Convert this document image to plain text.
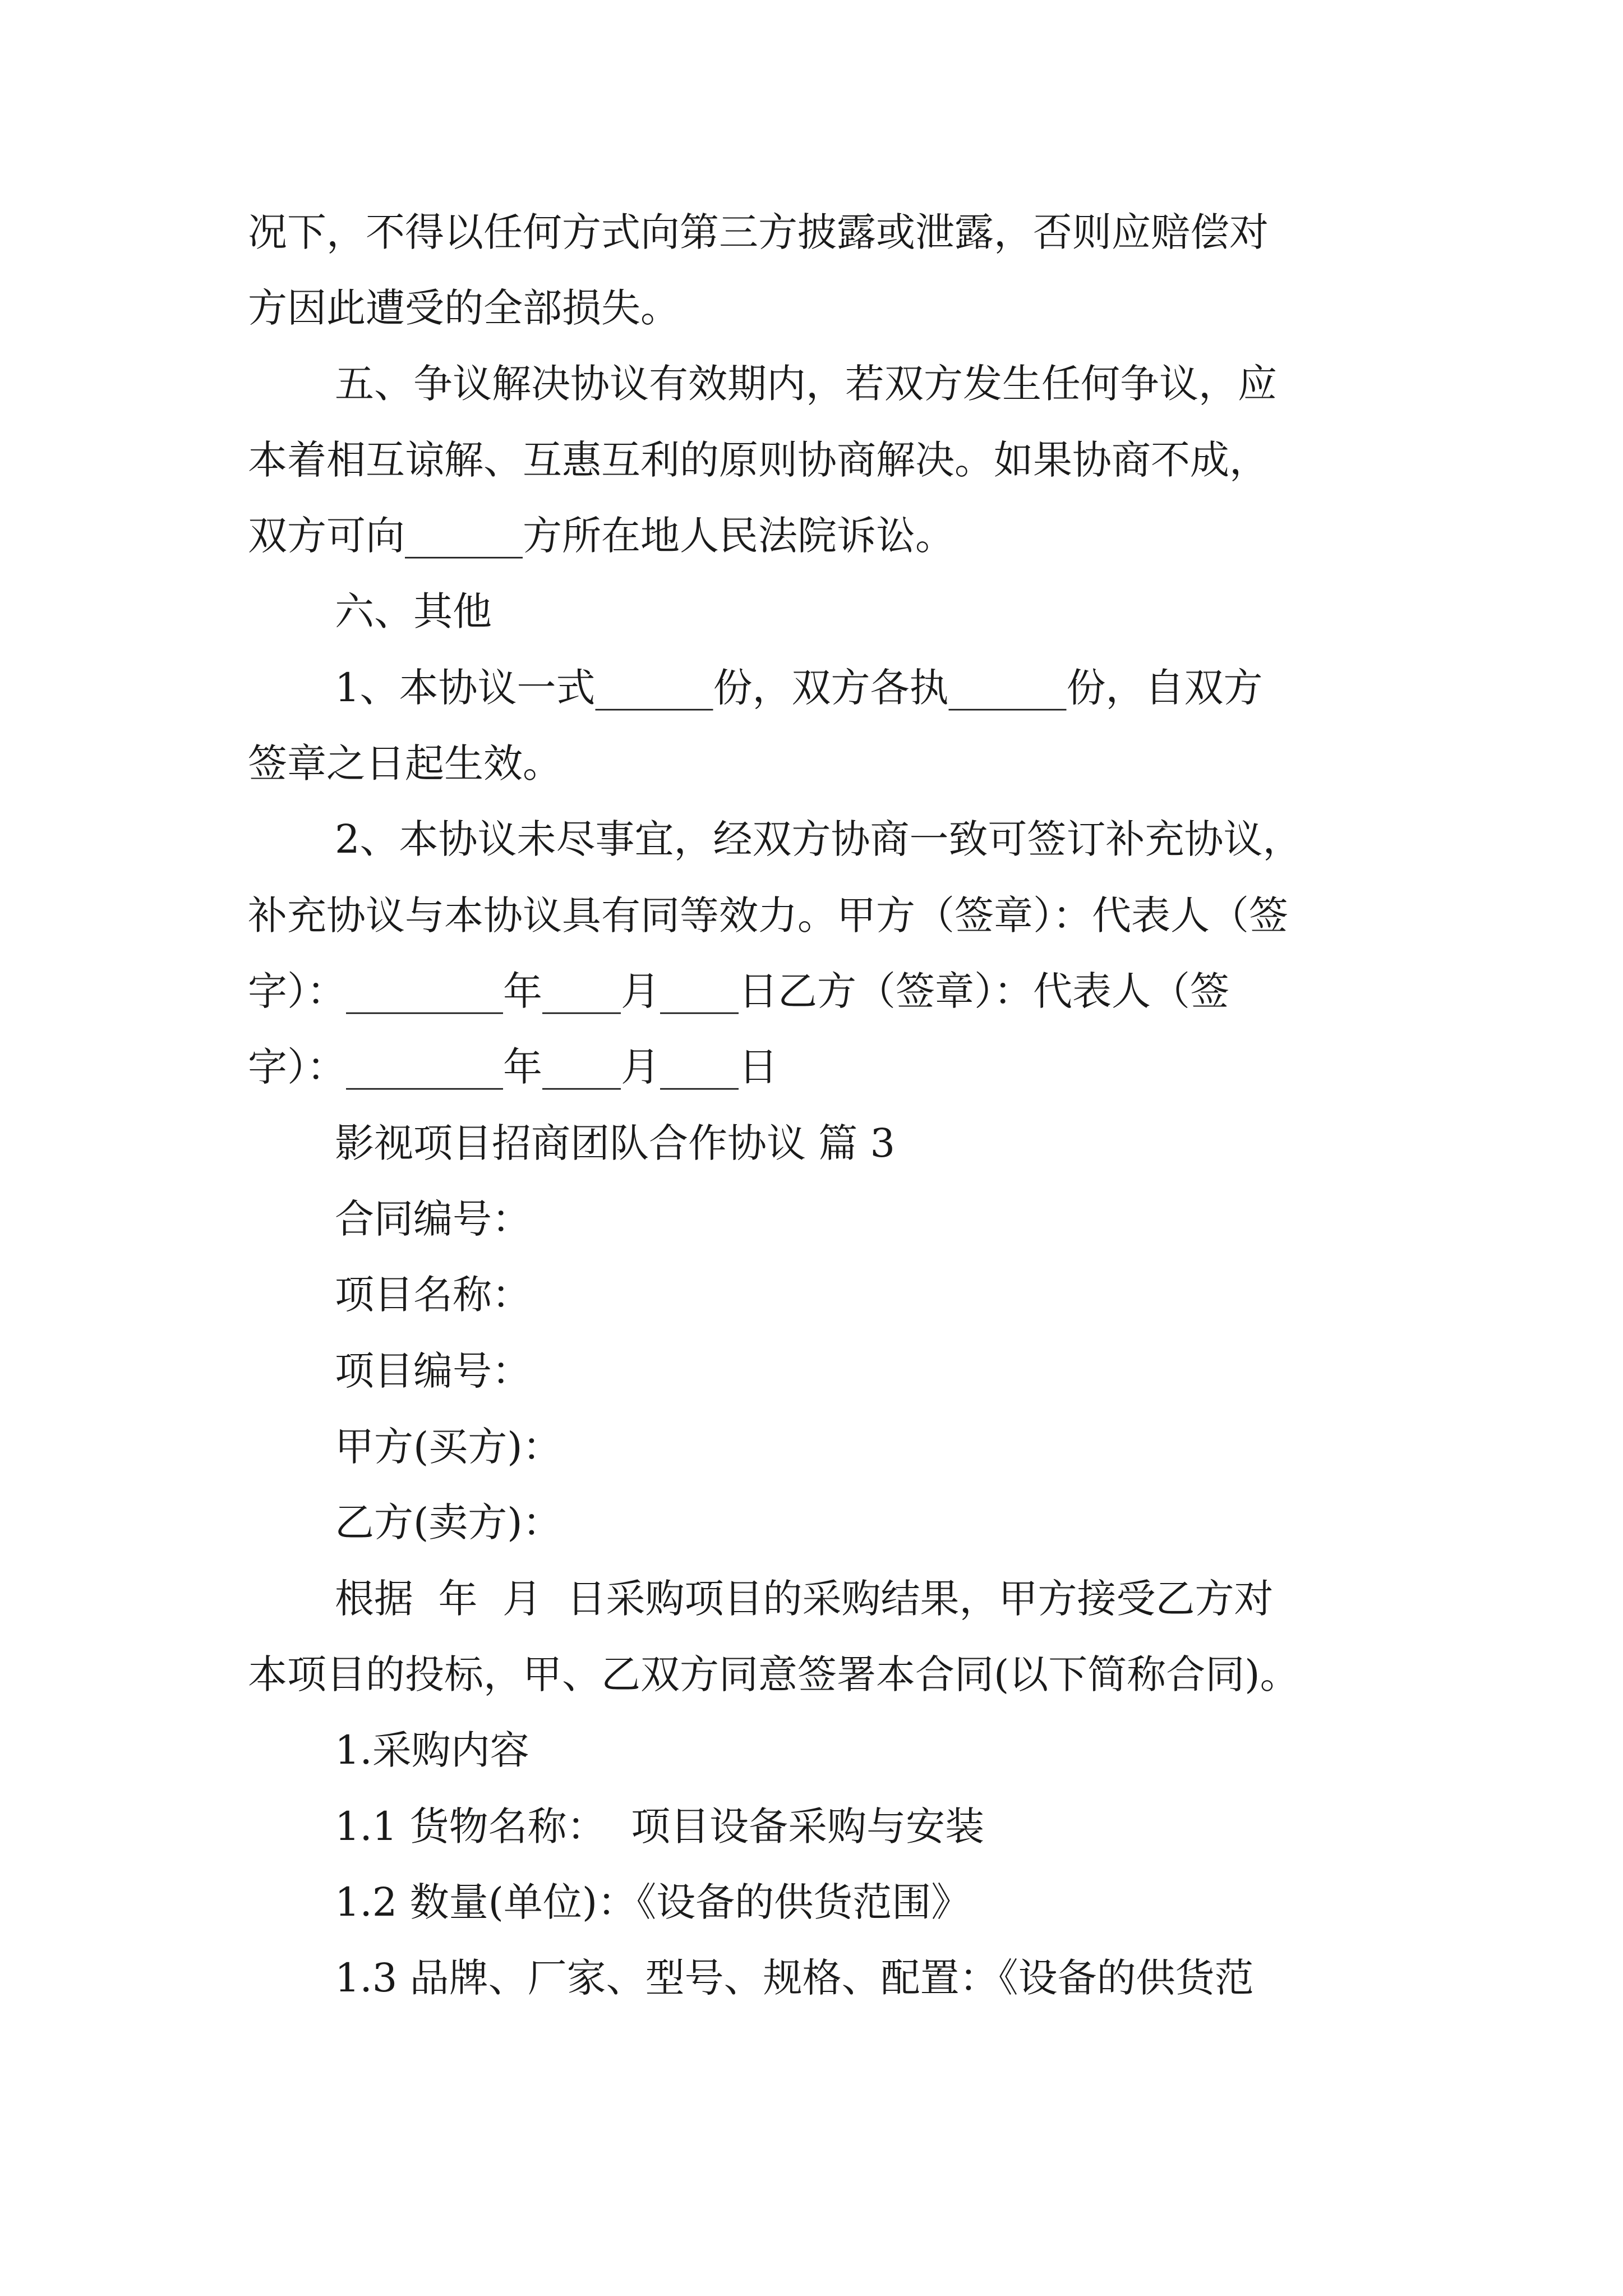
况下，不得以任何方式向第三方披露或泄露，否则应赔偿对
方因此遭受的全部损失。
五、争议解决协议有效期内，若双方发生任何争议，应
本着相互谅解、互惠互利的原则协商解决。如果协商不成，
双方可向______方所在地人民法院诉讼。
六、其他
1、本协议一式______份，双方各执______份，自双方
签章之日起生效。
2、本协议未尽事宜，经双方协商一致可签订补充协议，
补充协议与本协议具有同等效力。甲方（签章）：代表人（签
字）：________年____月____日乙方（签章）：代表人（签
字）：________年____月____日
影视项目招商团队合作协议 篇 3
合同编号：
项目名称：
项目编号：
甲方(买方)：
乙方(卖方)：
根据  年  月  日采购项目的采购结果，甲方接受乙方对
本项目的投标，甲、乙双方同意签署本合同(以下简称合同)。
1.采购内容
1.1 货物名称：  项目设备采购与安装
1.2 数量(单位)：《设备的供货范围》
1.3 品牌、厂家、型号、规格、配置：《设备的供货范
